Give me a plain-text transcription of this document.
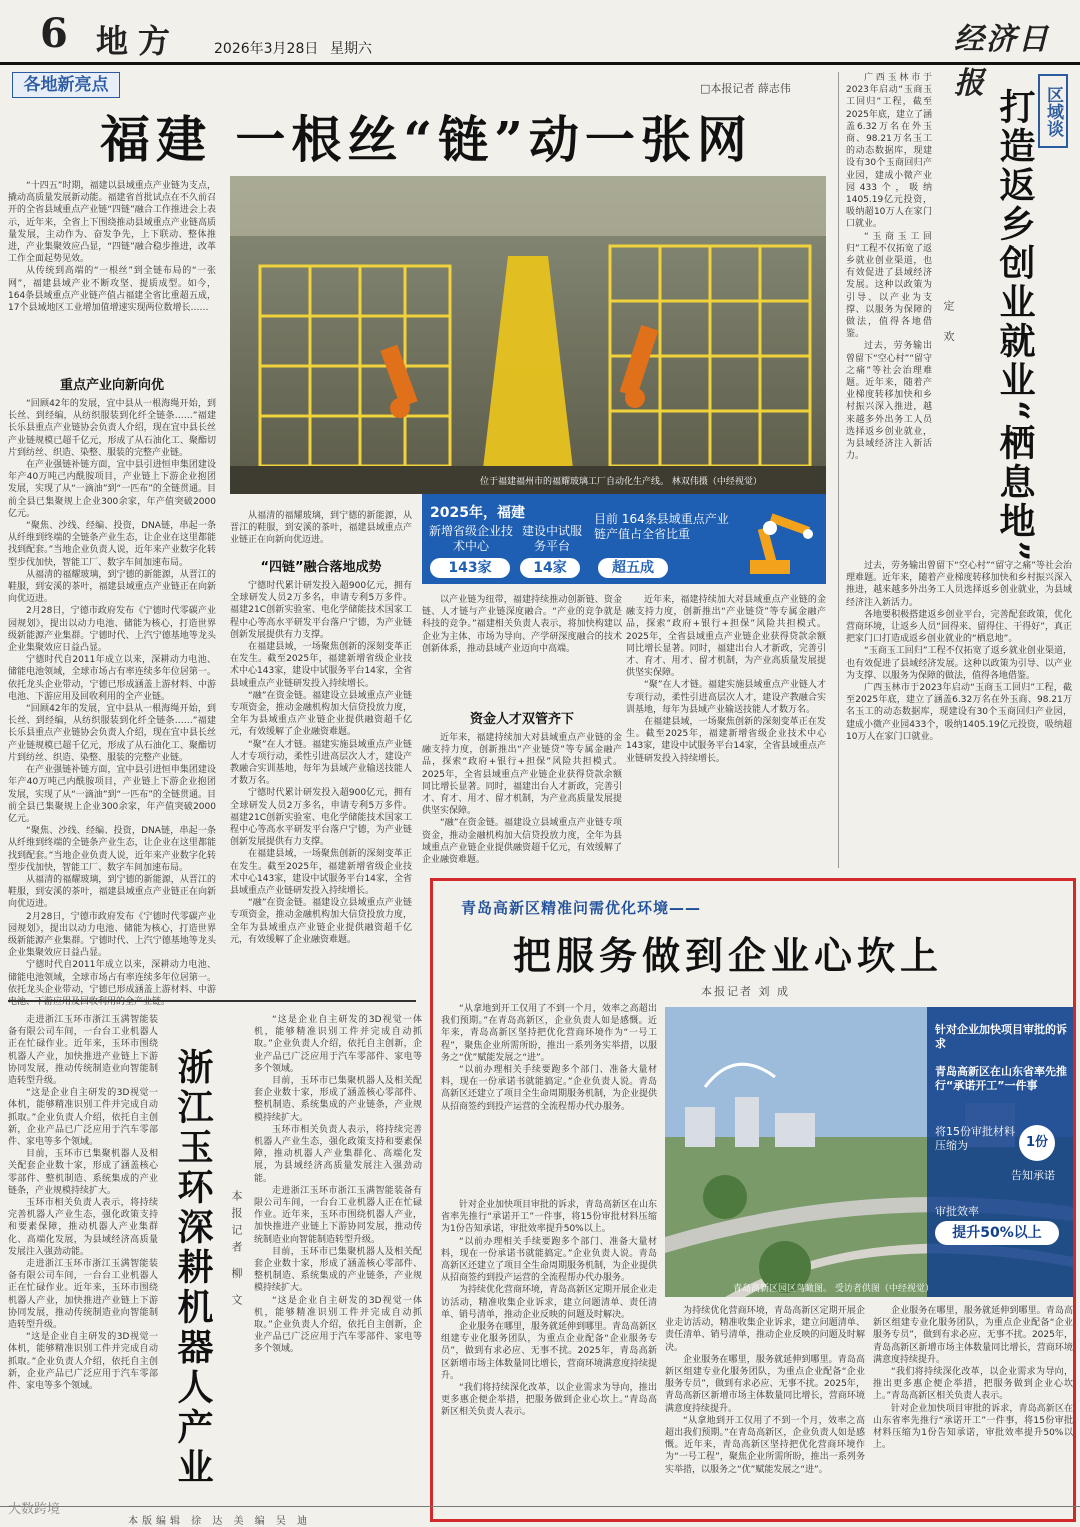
6 地方 2026年3月28日 星期六	经济日报
各地新亮点	□本报记者 薛志伟
福建 一根丝“链”动一张网

“十四五”时期，福建以县域重点产业链为支点，撬动高质量发展新动能。福建省首批试点在不久前召开的全省县域重点产业链“四链”融合工作推进会上表示，近年来，全省上下围绕推动县域重点产业链高质量发展，主动作为、奋发争先，上下联动、整体推进，产业集聚效应凸显，“四链”融合稳步推进，改革工作全面起势见效。

从传统到高端的“一根丝”到全链布局的“一张网”，福建县域产业不断攻坚、提质成型。如今，164条县域重点产业链产值占福建全省比重超五成，17个县域地区工业增加值增速实现两位数增长……

重点产业向新向优

“回顾42年的发展，宜中县从一根海绳开始，到长丝、到经编，从纺织服装到化纤全链条……”福建长乐县重点产业链协会负责人介绍，现在宜中县长丝产业链规模已超千亿元，形成了从石油化工、聚酯切片到纺丝、织造、染整、服装的完整产业链。

在产业强链补链方面，宜中县引进恒申集团建设年产40万吨己内酰胺项目，产业链上下游企业抱团发展，实现了从“一滴油”到“一匹布”的全链贯通。目前全县已集聚规上企业300余家，年产值突破2000亿元。

“聚焦、沙线、经编、投资，DNA链，串起一条从纤维到终端的全链条产业生态，让企业在这里都能找到配套。”当地企业负责人说，近年来产业数字化转型步伐加快，智能工厂、数字车间加速布局。

从福清的福耀玻璃，到宁德的新能源，从晋江的鞋服，到安溪的茶叶，福建县域重点产业链正在向新向优迈进。

2月28日，宁德市政府发布《宁德时代零碳产业园规划》，提出以动力电池、储能为核心，打造世界级新能源产业集群。宁德时代、上汽宁德基地等龙头企业集聚效应日益凸显。

宁德时代自2011年成立以来，深耕动力电池、储能电池领域，全球市场占有率连续多年位居第一。依托龙头企业带动，宁德已形成涵盖上游材料、中游电池、下游应用及回收利用的全产业链。

“回顾42年的发展，宜中县从一根海绳开始，到长丝、到经编，从纺织服装到化纤全链条……”福建长乐县重点产业链协会负责人介绍，现在宜中县长丝产业链规模已超千亿元，形成了从石油化工、聚酯切片到纺丝、织造、染整、服装的完整产业链。

在产业强链补链方面，宜中县引进恒申集团建设年产40万吨己内酰胺项目，产业链上下游企业抱团发展，实现了从“一滴油”到“一匹布”的全链贯通。目前全县已集聚规上企业300余家，年产值突破2000亿元。

“聚焦、沙线、经编、投资，DNA链，串起一条从纤维到终端的全链条产业生态，让企业在这里都能找到配套。”当地企业负责人说，近年来产业数字化转型步伐加快，智能工厂、数字车间加速布局。

从福清的福耀玻璃，到宁德的新能源，从晋江的鞋服，到安溪的茶叶，福建县域重点产业链正在向新向优迈进。

2月28日，宁德市政府发布《宁德时代零碳产业园规划》，提出以动力电池、储能为核心，打造世界级新能源产业集群。宁德时代、上汽宁德基地等龙头企业集聚效应日益凸显。

宁德时代自2011年成立以来，深耕动力电池、储能电池领域，全球市场占有率连续多年位居第一。依托龙头企业带动，宁德已形成涵盖上游材料、中游

位于福建福州市的福耀玻璃工厂自动化生产线。 林双伟摄（中经视觉）
2025年，福建
新增省级企业技术中心
143家
建设中试服务平台
14家
目前 164条县域重点产业链产值占全省比重
超五成

从福清的福耀玻璃，到宁德的新能源，从晋江的鞋服，到安溪的茶叶，福建县域重点产业链正在向新向优迈进。

“四链”融合落地成势

宁德时代累计研发投入超900亿元，拥有全球研发人员2万多名，申请专利5万多件。福建21C创新实验室、电化学储能技术国家工程中心等高水平研发平台落户宁德，为产业链创新发展提供有力支撑。

在福建县域，一场聚焦创新的深刻变革正在发生。截至2025年，福建新增省级企业技术中心143家，建设中试服务平台14家，全省县域重点产业链研发投入持续增长。

“融”在资金链。福建设立县域重点产业链专项资金，推动金融机构加大信贷投放力度，全年为县域重点产业链企业提供融资超千亿元，有效缓解了企业融资难题。

“聚”在人才链。福建实施县域重点产业链人才专项行动，柔性引进高层次人才，建设产教融合实训基地，每年为县域产业输送技能人才数万名。

宁德时代累计研发投入超900亿元，拥有全球研发人员2万多名，申请专利5万多件。福建21C创新实验室、电化学储能技术国家工程中心等高水平研发平台落户宁德，为产业链创新发展提供有力支撑。

在福建县域，一场聚焦创新的深刻变革正在发生。截至2025年，福建新增省级企业技术中心143家，建设中试服务平台14家，全省县域重点产业链研发投入持续增长。

“融”在资金链。福建设立县域重点产业链专项资金，推动金融机构加大信贷投放力度，全年为县域重点产业链企业提供融资超千亿元，有效缓解了企业融资难题。

以产业链为纽带，福建持续推动创新链、资金链、人才链与产业链深度融合。“产业的竞争就是科技的竞争。”福建相关负责人表示，将加快构建以企业为主体、市场为导向、产学研深度融合的技术创新体系，推动县域产业迈向中高端。

资金人才双管齐下

近年来，福建持续加大对县域重点产业链的金融支持力度，创新推出“产业链贷”等专属金融产品，探索“政府+银行+担保”风险共担模式。2025年，全省县域重点产业链企业获得贷款余额同比增长显著。同时，福建出台人才新政，完善引才、育才、用才、留才机制，为产业高质量发展提供坚实保障。

“融”在资金链。福建设立县域重点产业链专项资金，推动金融机构加大信贷投放力度，全年为县域重点产业链企业提供融资超千亿元，有效缓解了企业融资难题。

近年来，福建持续加大对县域重点产业链的金融支持力度，创新推出“产业链贷”等专属金融产品，探索“政府+银行+担保”风险共担模式。2025年，全省县域重点产业链企业获得贷款余额同比增长显著。同时，福建出台人才新政，完善引才、育才、用才、留才机制，为产业高质量发展提供坚实保障。

“聚”在人才链。福建实施县域重点产业链人才专项行动，柔性引进高层次人才，建设产教融合实训基地，每年为县域产业输送技能人才数万名。

在福建县域，一场聚焦创新的深刻变革正在发生。截至2025年，福建新增省级企业技术中心143家，建设中试服务平台14家，全省县域重点产业链研发投入持续增长。

广西玉林市于2023年启动“玉商玉工回归”工程，截至2025年底，建立了涵盖6.32万名在外玉商、98.21万名玉工的动态数据库，现建设有30个玉商回归产业园，建成小微产业园433个，吸纳1405.19亿元投资，吸纳超10万人在家门口就业。

“玉商玉工回归”工程不仅拓宽了返乡就业创业渠道，也有效促进了县域经济发展。这种以政策为引导、以产业为支撑、以服务为保障的做法，值得各地借鉴。

过去，劳务输出曾留下“空心村”“留守之痛”等社会治理难题。近年来，随着产业梯度转移加快和乡村振兴深入推进，越来越多外出务工人员选择返乡创业就业，为县域经济注入新活力。

定 欢
区域谈
打造返乡创业就业“栖息地”

过去，劳务输出曾留下“空心村”“留守之痛”等社会治理难题。近年来，随着产业梯度转移加快和乡村振兴深入推进，越来越多外出务工人员选择返乡创业就业，为县域经济注入新活力。

各地要积极搭建返乡创业平台，完善配套政策，优化营商环境，让返乡人员“回得来、留得住、干得好”，真正把家门口打造成返乡创业就业的“栖息地”。

“玉商玉工回归”工程不仅拓宽了返乡就业创业渠道，也有效促进了县域经济发展。这种以政策为引导、以产业为支撑、以服务为保障的做法，值得各地借鉴。

广西玉林市于2023年启动“玉商玉工回归”工程，截至2025年底，建立了涵盖6.32万名在外玉商、98.21万名玉工的动态数据库，现建设有30个玉商回归产业园，建成小微产业园433个，吸纳1405.19亿元投资，吸纳超10万人在家门口就业。

青岛高新区精准问需优化环境——
把服务做到企业心坎上
本报记者 刘 成

“从拿地到开工仅用了不到一个月，效率之高超出我们预期。”在青岛高新区，企业负责人如是感慨。近年来，青岛高新区坚持把优化营商环境作为“一号工程”，聚焦企业所需所盼，推出一系列务实举措，以服务之“优”赋能发展之“进”。

“以前办理相关手续要跑多个部门、准备大量材料，现在一份承诺书就能搞定。”企业负责人说。青岛高新区还建立了项目全生命周期服务机制，为企业提供从招商签约到投产运营的全流程帮办代办服务。

针对企业加快项目审批的诉求
青岛高新区在山东省率先推行“承诺开工”一件事
将15份审批材料压缩为	1份
告知承诺
审批效率
提升50%以上
青岛高新区园区鸟瞰图。 受访者供图（中经视觉）

针对企业加快项目审批的诉求，青岛高新区在山东省率先推行“承诺开工”一件事，将15份审批材料压缩为1份告知承诺，审批效率提升50%以上。

“以前办理相关手续要跑多个部门、准备大量材料，现在一份承诺书就能搞定。”企业负责人说。青岛高新区还建立了项目全生命周期服务机制，为企业提供从招商签约到投产运营的全流程帮办代办服务。

为持续优化营商环境，青岛高新区定期开展企业走访活动，精准收集企业诉求，建立问题清单、责任清单、销号清单，推动企业反映的问题及时解决。

企业服务在哪里，服务就延伸到哪里。青岛高新区组建专业化服务团队，为重点企业配备“企业服务专员”，做到有求必应、无事不扰。2025年，青岛高新区新增市场主体数量同比增长，营商环境满意度持续提升。

“我们将持续深化改革，以企业需求为导向，推出更多惠企便企举措，把服务做到企业心坎上。”青岛高新区相关负责人表示。

为持续优化营商环境，青岛高新区定期开展企业走访活动，精准收集企业诉求，建立问题清单、责任清单、销号清单，推动企业反映的问题及时解决。

企业服务在哪里，服务就延伸到哪里。青岛高新区组建专业化服务团队，为重点企业配备“企业服务专员”，做到有求必应、无事不扰。2025年，青岛高新区新增市场主体数量同比增长，营商环境满意度持续提升。

“从拿地到开工仅用了不到一个月，效率之高超出我们预期。”在青岛高新区，企业负责人如是感慨。近年来，青岛高新区坚持把优化营商环境作为“一号工程”，聚焦企业所需所盼，推出一系列务实举措，以服务之“优”赋能发展之“进”。

企业服务在哪里，服务就延伸到哪里。青岛高新区组建专业化服务团队，为重点企业配备“企业服务专员”，做到有求必应、无事不扰。2025年，青岛高新区新增市场主体数量同比增长，营商环境满意度持续提升。

“我们将持续深化改革，以企业需求为导向，推出更多惠企便企举措，把服务做到企业心坎上。”青岛高新区相关负责人表示。

针对企业加快项目审批的诉求，青岛高新区在山东省率先推行“承诺开工”一件事，将15份审批材料压缩为1份告知承诺，审批效率提升50%以上。

走进浙江玉环市浙江玉满智能装备有限公司车间，一台台工业机器人正在忙碌作业。近年来，玉环市围绕机器人产业，加快推进产业链上下游协同发展，推动传统制造业向智能制造转型升级。

“这是企业自主研发的3D视觉一体机，能够精准识别工件并完成自动抓取。”企业负责人介绍，依托自主创新，企业产品已广泛应用于汽车零部件、家电等多个领域。

目前，玉环市已集聚机器人及相关配套企业数十家，形成了涵盖核心零部件、整机制造、系统集成的产业链条，产业规模持续扩大。

玉环市相关负责人表示，将持续完善机器人产业生态，强化政策支持和要素保障，推动机器人产业集群化、高端化发展，为县域经济高质量发展注入强劲动能。

走进浙江玉环市浙江玉满智能装备有限公司车间，一台台工业机器人正在忙碌作业。近年来，玉环市围绕机器人产业，加快推进产业链上下游协同发展，推动传统制造业向智能制造转型升级。

“这是企业自主研发的3D视觉一体机，能够精准识别工件并完成自动抓取。”企业负责人介绍，依托自主创新，企业产品已广泛应用于汽车零部件、家电等多个领域。	浙江玉环深耕机器人产业	本报记者 柳 文

“这是企业自主研发的3D视觉一体机，能够精准识别工件并完成自动抓取。”企业负责人介绍，依托自主创新，企业产品已广泛应用于汽车零部件、家电等多个领域。

目前，玉环市已集聚机器人及相关配套企业数十家，形成了涵盖核心零部件、整机制造、系统集成的产业链条，产业规模持续扩大。

玉环市相关负责人表示，将持续完善机器人产业生态，强化政策支持和要素保障，推动机器人产业集群化、高端化发展，为县域经济高质量发展注入强劲动能。

走进浙江玉环市浙江玉满智能装备有限公司车间，一台台工业机器人正在忙碌作业。近年来，玉环市围绕机器人产业，加快推进产业链上下游协同发展，推动传统制造业向智能制造转型升级。

目前，玉环市已集聚机器人及相关配套企业数十家，形成了涵盖核心零部件、整机制造、系统集成的产业链条，产业规模持续扩大。

“这是企业自主研发的3D视觉一体机，能够精准识别工件并完成自动抓取。”企业负责人介绍，依托自主创新，企业产品已广泛应用于汽车零部件、家电等多个领域。

本版编辑 徐 达 美 编 吴 迪
大数跨境
